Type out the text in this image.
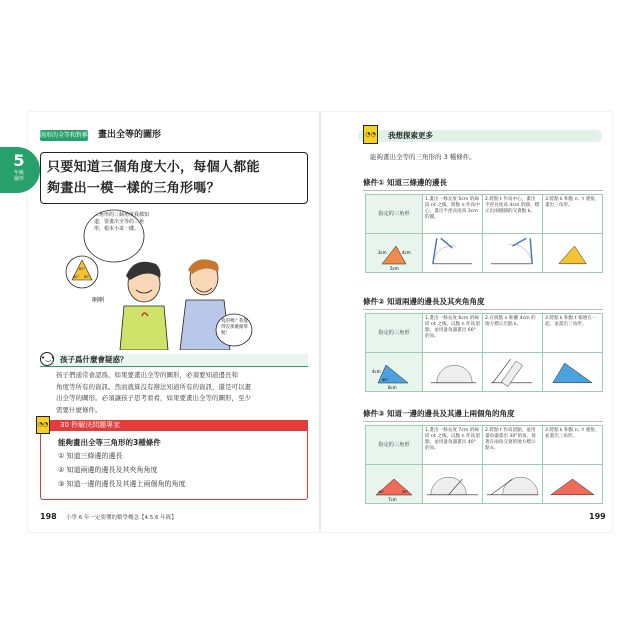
圖形的全等和對稱 畫出全等的圖形
5
年級
圖形
只要知道三個角度大小，每個人都能
夠畫出一模一樣的三角形嗎？
60°
60° 60°
啊啊
三角形的三個角度我都知道，要畫出全等的三角形，根本小菜一碟。
真的嗎？我覺得沒那麼簡單喔！
•‿• 孩子爲什麼會疑惑？
孩子們通常會認爲，如果要畫出全等的圖形，必須要知道邊長和
角度等所有的資訊。然而就算沒有辦法知道所有的資訊，還是可以畫
出全等的圖形。必須讓孩子思考看看，如果要畫出全等的圖形，至少
需要什麼條件。
30 秒解決問題專家
◔◔
能夠畫出全等三角形的3種條件
① 知道三條邊的邊長
② 知道兩邊的邊長及其夾角角度
③ 知道一邊的邊長及其邊上兩個角的角度
198 小學 6 年一定要懂的數學概念【4.5.6 年級】
◔◔	我想探索更多
能夠畫出全等的三角形的 3 種條件。
條件① 知道三條邊的邊長
指定的三角形	1.畫出一條長度 5cm 的線段 nt 之後，將點 n 作爲中心，畫出半徑長度爲 3cm 的圓。	2.將點 t 作爲中心，畫出半徑長度爲 4cm 的圓。標示出兩個圓的交會點 k。	3.將點 k 和點 n、t 連接，畫出三角形。

3cm 4cm
5cm

條件② 知道兩邊的邊長及其夾角角度
指定的三角形	1.畫出一條長度 6cm 的線段 nt 之後，以點 n 作爲頂點，並用量角器畫出 60°的角。	2.在與點 n 距離 4cm 的地方標示出點 k。	3.將點 k 和點 t 相連在一起，並畫出三角形。

4cm
60°
6cm

條件③ 知道一邊的邊長及其邊上兩個角的角度
指定的三角形	1.畫出一條長度 7cm 的線段 nt 之後，以點 n 作爲頂點，並用量角器畫出 40°的角。	2.將點 t 作爲頂點，並用量角器畫出 30°的角，接著在兩角交會的地方標示點 k。	3.將點 k 和點 n、t 連接，並畫出三角形。

40° 30°
7cm

199
